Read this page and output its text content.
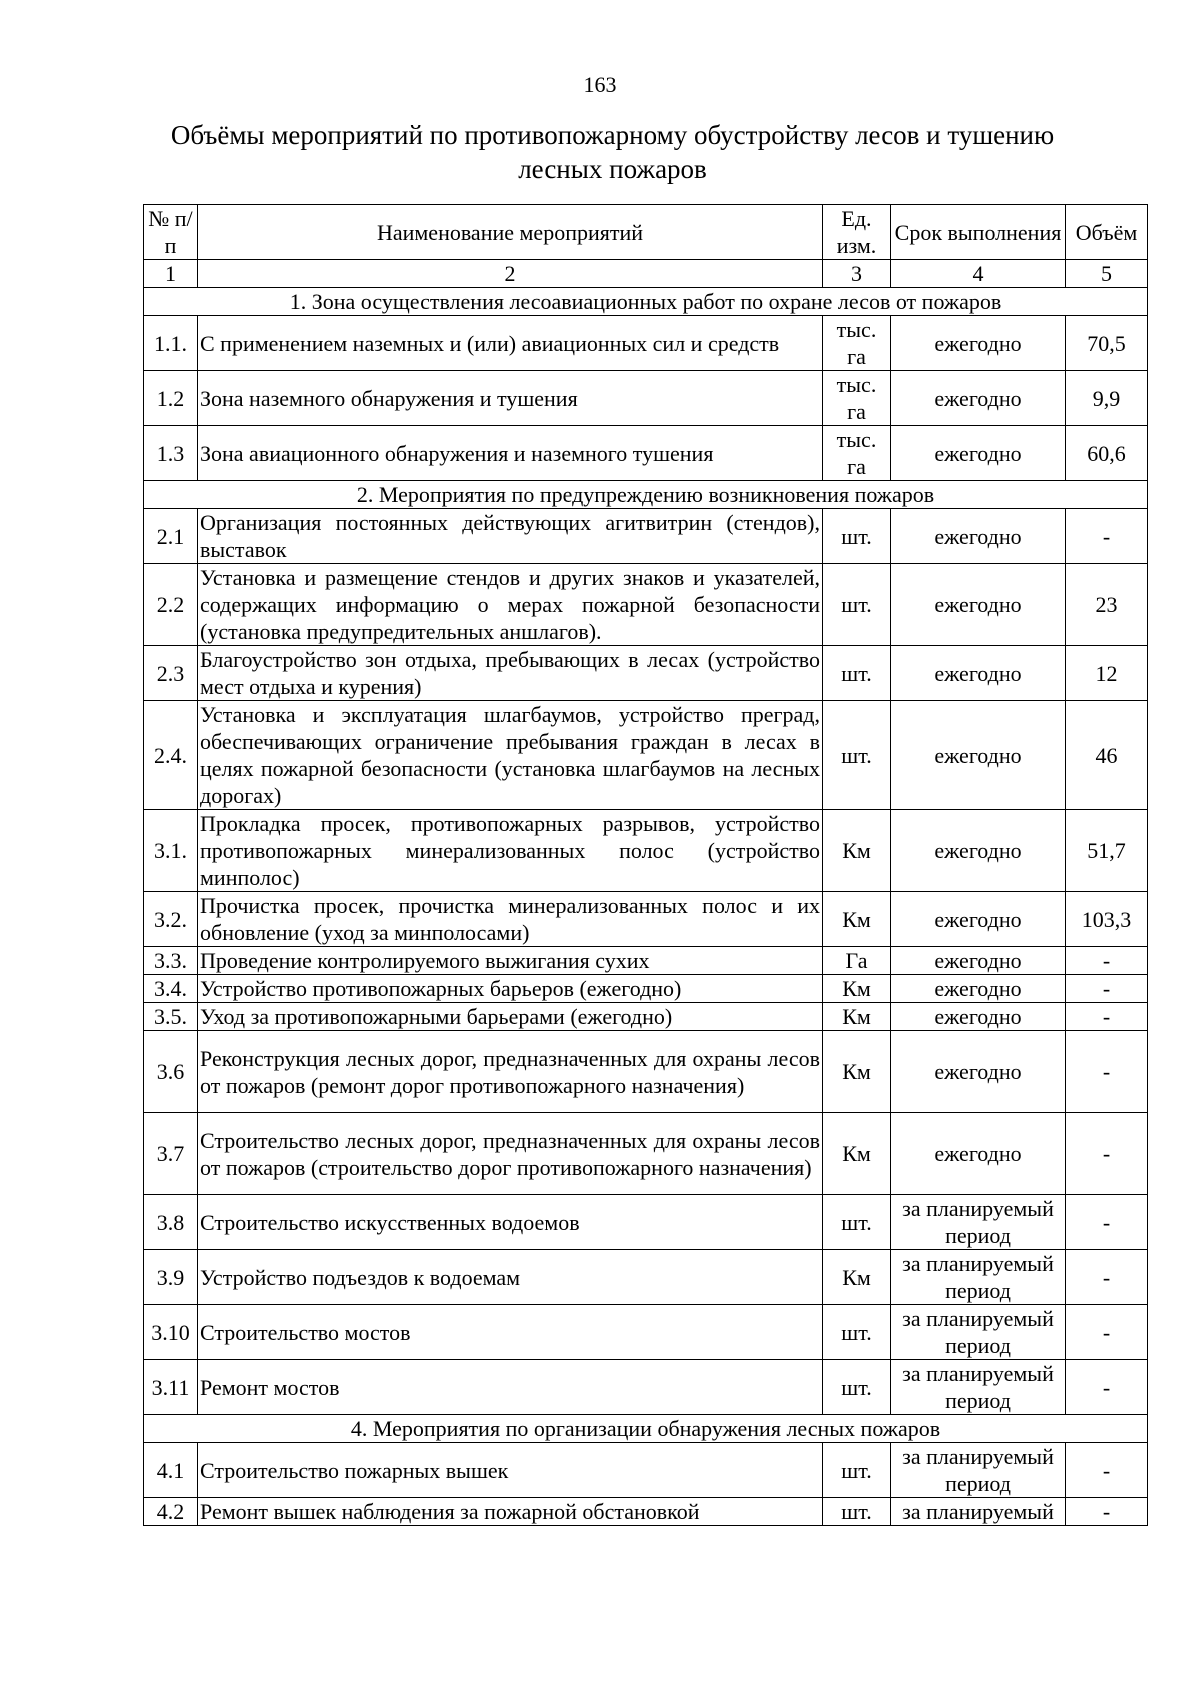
163
Объёмы мероприятий по противопожарному обустройству лесов и тушению
лесных пожаров
№ п/п	Наименование мероприятий	Ед. изм.	Срок выполнения	Объём
1	2	3	4	5
1. Зона осуществления лесоавиационных работ по охране лесов от пожаров				
1.1.	С применением наземных и (или) авиационных сил и средств	тыс. га	ежегодно	70,5
1.2	Зона наземного обнаружения и тушения	тыс. га	ежегодно	9,9
1.3	Зона авиационного обнаружения и наземного тушения	тыс. га	ежегодно	60,6
2. Мероприятия по предупреждению возникновения пожаров				
2.1	Организация постоянных действующих агитвитрин (стендов), выставок	шт.	ежегодно	-
2.2	Установка и размещение стендов и других знаков и указателей, содержащих информацию о мерах пожарной безопасности (установка предупредительных аншлагов).	шт.	ежегодно	23
2.3	Благоустройство зон отдыха, пребывающих в лесах (устройство мест отдыха и курения)	шт.	ежегодно	12
2.4.	Установка и эксплуатация шлагбаумов, устройство преград, обеспечивающих ограничение пребывания граждан в лесах в целях пожарной безопасности (установка шлагбаумов на лесных дорогах)	шт.	ежегодно	46
3.1.	Прокладка просек, противопожарных разрывов, устройство противопожарных минерализованных полос (устройство минполос)	Км	ежегодно	51,7
3.2.	Прочистка просек, прочистка минерализованных полос и их обновление (уход за минполосами)	Км	ежегодно	103,3
3.3.	Проведение контролируемого выжигания сухих	Га	ежегодно	-
3.4.	Устройство противопожарных барьеров (ежегодно)	Км	ежегодно	-
3.5.	Уход за противопожарными барьерами (ежегодно)	Км	ежегодно	-
3.6	Реконструкция лесных дорог, предназначенных для охраны лесов от пожаров (ремонт дорог противопожарного назначения)	Км	ежегодно	-
3.7	Строительство лесных дорог, предназначенных для охраны лесов от пожаров (строительство дорог противопожарного назначения)	Км	ежегодно	-
3.8	Строительство искусственных водоемов	шт.	за планируемый период	-
3.9	Устройство подъездов к водоемам	Км	за планируемый период	-
3.10	Строительство мостов	шт.	за планируемый период	-
3.11	Ремонт мостов	шт.	за планируемый период	-
4. Мероприятия по организации обнаружения лесных пожаров				
4.1	Строительство пожарных вышек	шт.	за планируемый период	-
4.2	Ремонт вышек наблюдения за пожарной обстановкой	шт.	за планируемый	-
